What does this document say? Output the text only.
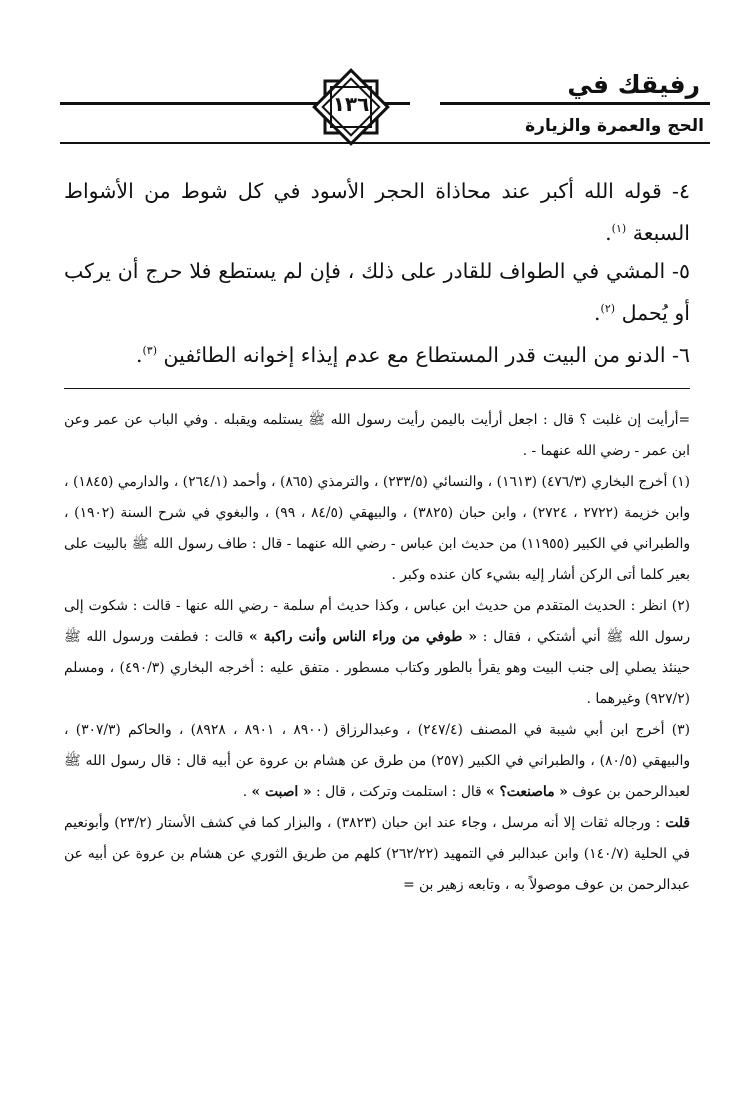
رفيقك في
الحج والعمرة والزيارة
١٣٦

٤- قوله الله أكبر عند محاذاة الحجر الأسود في كل شوط من الأشواط السبعة $^{(١)}$.

٥- المشي في الطواف للقادر على ذلك ، فإن لم يستطع فلا حرج أن يركب أو يُحمل $^{(٢)}$.

٦- الدنو من البيت قدر المستطاع مع عدم إيذاء إخوانه الطائفين $^{(٣)}$.

=أرأيت إن غلبت ؟ قال : اجعل أرأيت باليمن رأيت رسول الله ﷺ يستلمه ويقبله . وفي الباب عن عمر وعن ابن عمر - رضي الله عنهما - .

(١) أخرج البخاري (٤٧٦/٣) (١٦١٣) ، والنسائي (٢٣٣/٥) ، والترمذي (٨٦٥) ، وأحمد (٢٦٤/١) ، والدارمي (١٨٤٥) ، وابن خزيمة (٢٧٢٢ ، ٢٧٢٤) ، وابن حبان (٣٨٢٥) ، والبيهقي (٨٤/٥ ، ٩٩) ، والبغوي في شرح السنة (١٩٠٢) ، والطبراني في الكبير (١١٩٥٥) من حديث ابن عباس - رضي الله عنهما - قال : طاف رسول الله ﷺ بالبيت على بعير كلما أتى الركن أشار إليه بشيء كان عنده وكبر .

(٢) انظر : الحديث المتقدم من حديث ابن عباس ، وكذا حديث أم سلمة - رضي الله عنها - قالت : شكوت إلى رسول الله ﷺ أني أشتكي ، فقال : « طوفي من وراء الناس وأنت راكبة » قالت : فطفت ورسول الله ﷺ حينئذ يصلي إلى جنب البيت وهو يقرأ بالطور وكتاب مسطور . متفق عليه : أخرجه البخاري (٤٩٠/٣) ، ومسلم (٩٢٧/٢) وغيرهما .

(٣) أخرج ابن أبي شيبة في المصنف (٢٤٧/٤) ، وعبدالرزاق (٨٩٠٠ ، ٨٩٠١ ، ٨٩٢٨) ، والحاكم (٣٠٧/٣) ، والبيهقي (٨٠/٥) ، والطبراني في الكبير (٢٥٧) من طرق عن هشام بن عروة عن أبيه قال : قال رسول الله ﷺ لعبدالرحمن بن عوف « ماصنعت؟ » قال : استلمت وتركت ، قال : « اصبت » .

قلت : ورجاله ثقات إلا أنه مرسل ، وجاء عند ابن حبان (٣٨٢٣) ، والبزار كما في كشف الأستار (٢٣/٢) وأبونعيم في الحلية (١٤٠/٧) وابن عبدالبر في التمهيد (٢٦٢/٢٢) كلهم من طريق الثوري عن هشام بن عروة عن أبيه عن عبدالرحمن بن عوف موصولاً به ، وتابعه زهير بن =
